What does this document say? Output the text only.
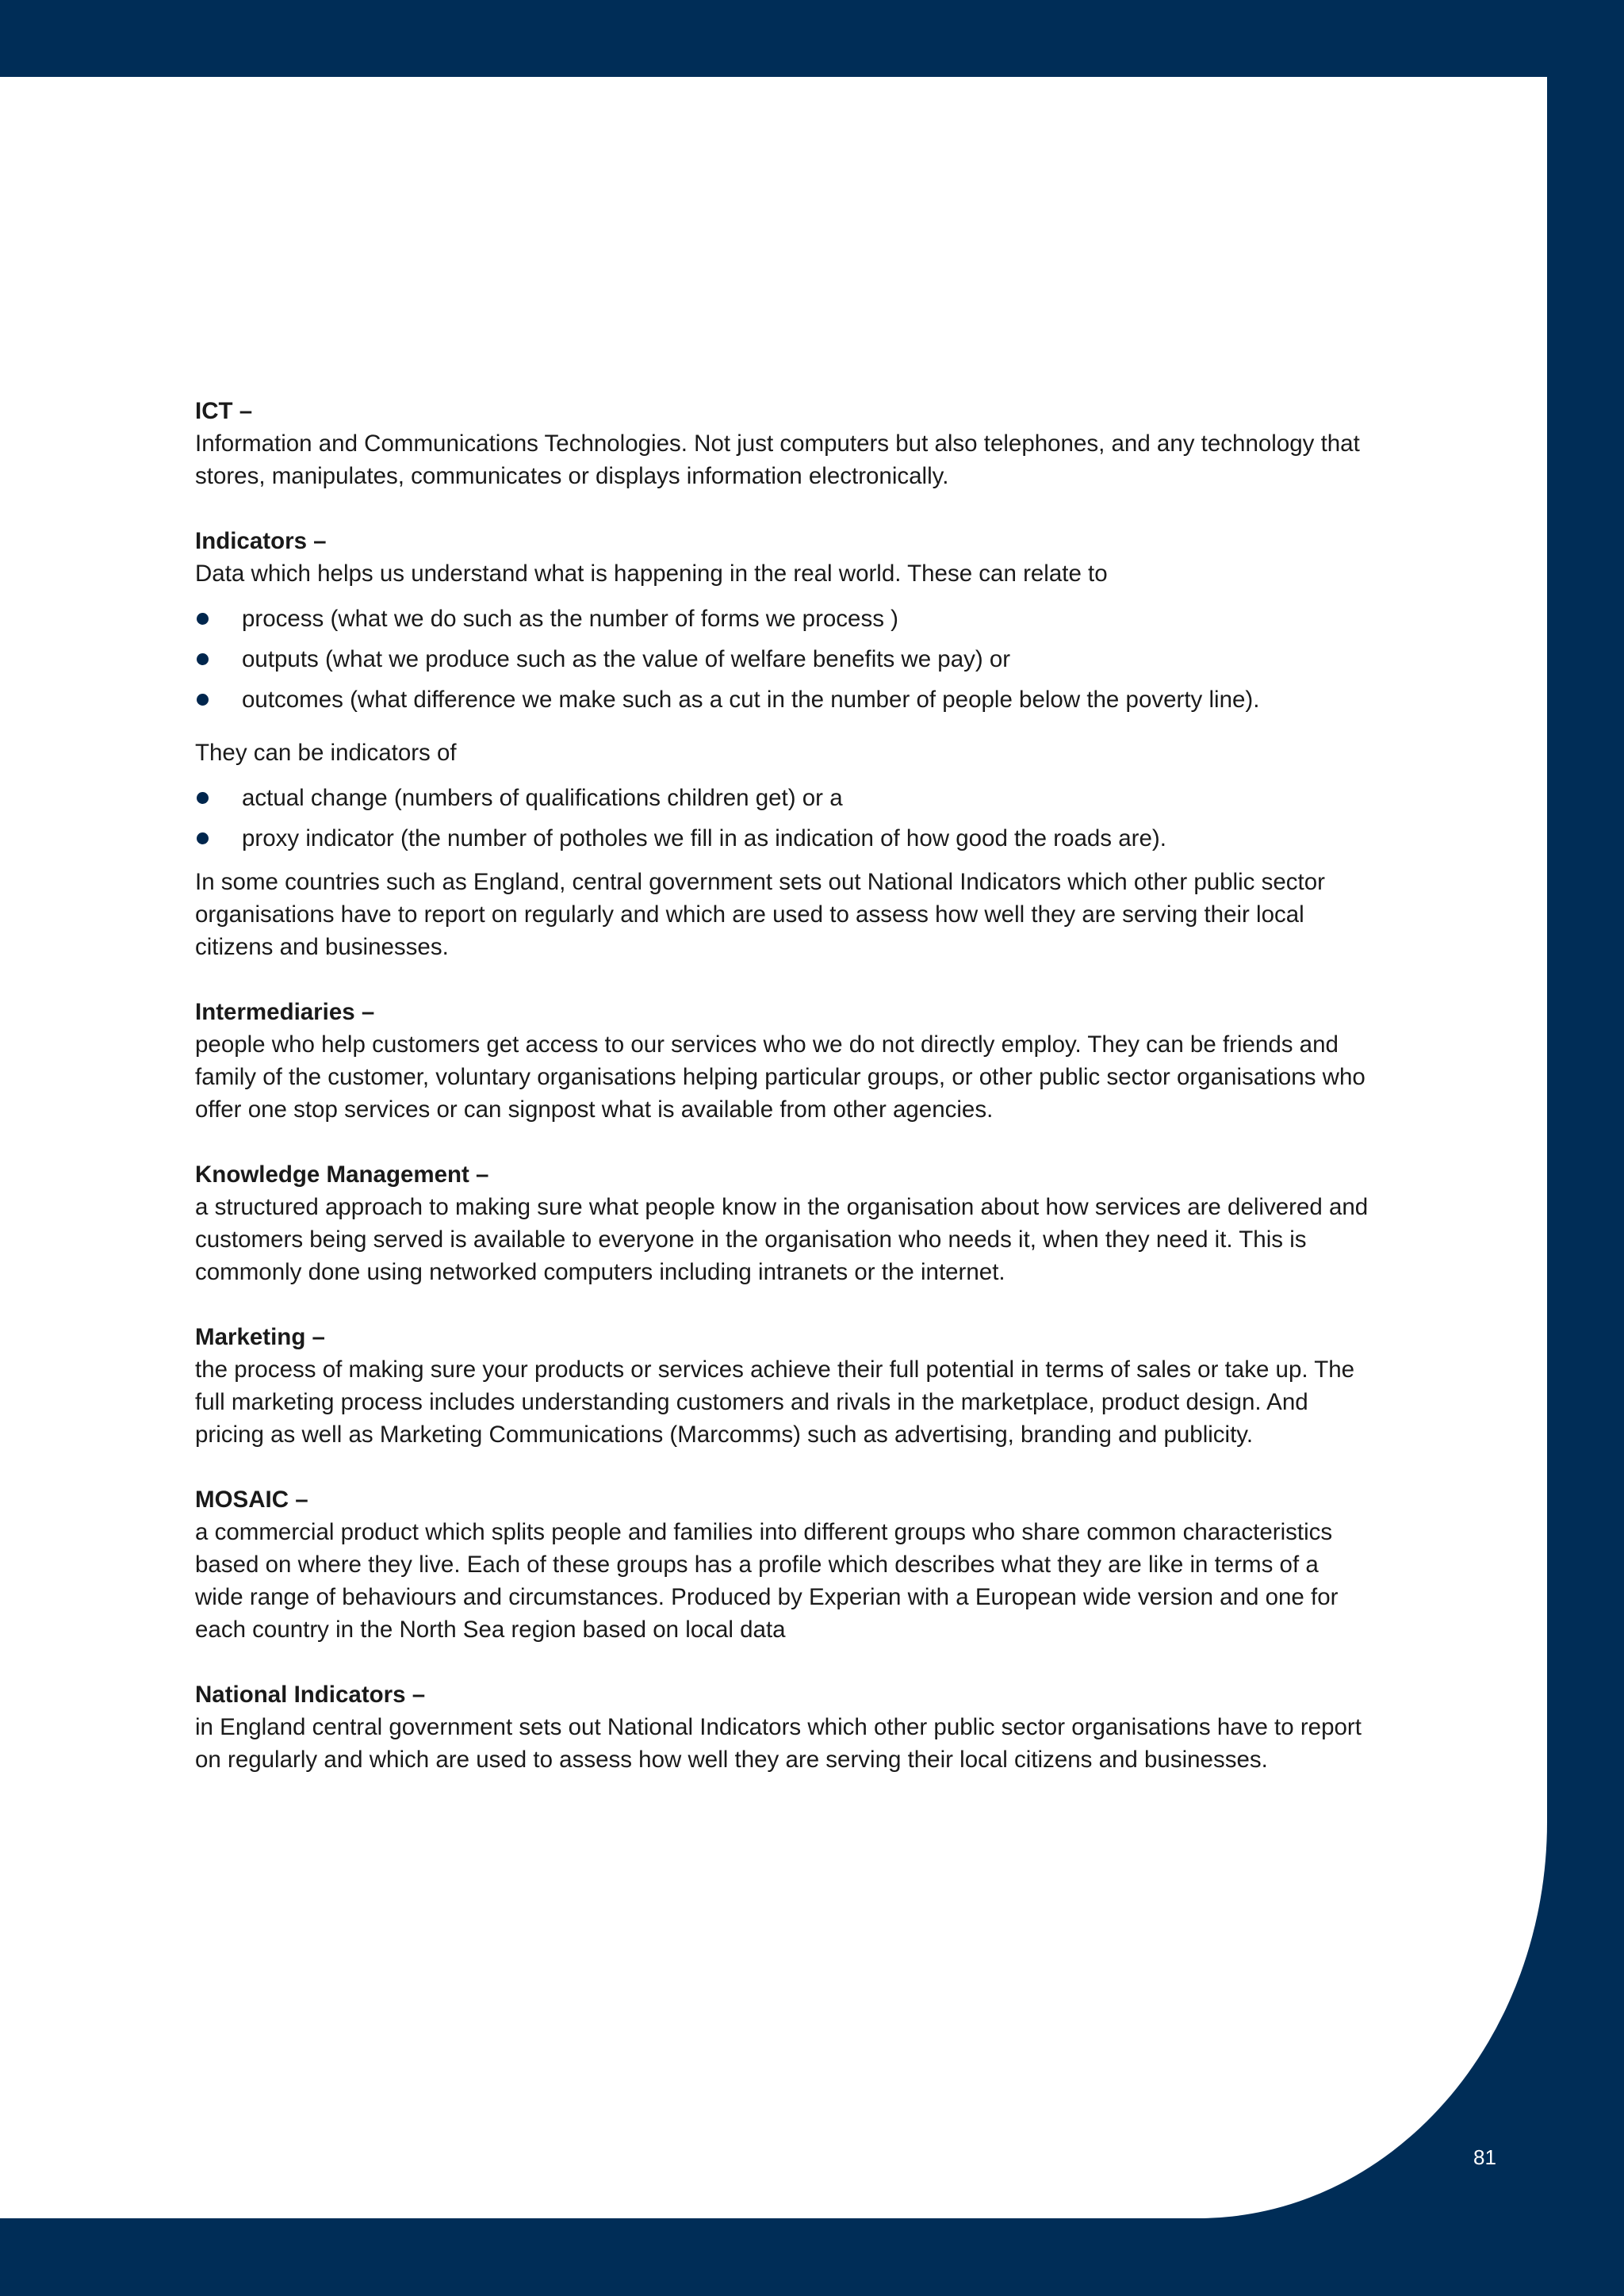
ICT –
Information and Communications Technologies. Not just computers but also telephones, and any technology that stores, manipulates, communicates or displays information electronically.
Indicators –
Data which helps us understand what is happening in the real world. These can relate to
process (what we do such as the number of forms we process )
outputs (what we produce such as the value of welfare benefits we pay) or
outcomes (what difference we make such as a cut in the number of people below the poverty line).
They can be indicators of
actual change (numbers of qualifications children get) or a
proxy indicator (the number of potholes we fill in as indication of how good the roads are).
In some countries such as England, central government sets out National Indicators which other public sector organisations have to report on regularly and which are used to assess how well they are serving their local citizens and businesses.
Intermediaries –
people who help customers get access to our services who we do not directly employ. They can be friends and family of the customer, voluntary organisations helping particular groups, or other public sector organisations who offer one stop services or can signpost what is available from other agencies.
Knowledge Management –
a structured approach to making sure what people know in the organisation about how services are delivered and customers being served is available to everyone in the organisation who needs it, when they need it. This is commonly done using networked computers including intranets or the internet.
Marketing –
the process of making sure your products or services achieve their full potential in terms of sales or take up. The full marketing process includes understanding customers and rivals in the marketplace, product design. And pricing as well as Marketing Communications (Marcomms) such as advertising, branding and publicity.
MOSAIC –
a commercial product which splits people and families into different groups who share common characteristics based on where they live. Each of these groups has a profile which describes what they are like in terms of a wide range of behaviours and circumstances. Produced by Experian with a European wide version and one for each country in the North Sea region based on local data
National Indicators –
in England central government sets out National Indicators which other public sector organisations have to report on regularly and which are used to assess how well they are serving their local citizens and businesses.
81
